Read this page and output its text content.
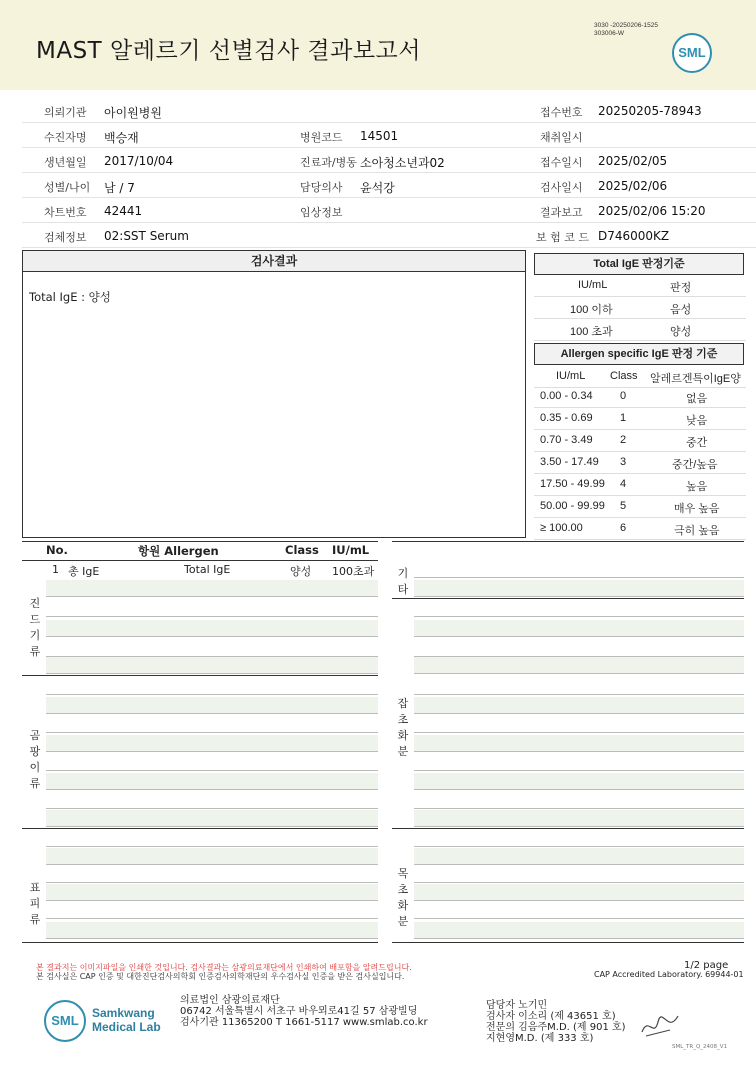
MAST 알레르기 선별검사 결과보고서
3030 -20250206-1525
303006-W
SML
의뢰기관 아이원병원	접수번호 20250205-78943
수진자명 백승재	병원코드 14501	채취일시
생년월일 2017/10/04	진료과/병동 소아청소년과02	접수일시 2025/02/05
성별/나이 남 / 7	담당의사 윤석강	검사일시 2025/02/06
차트번호 42441	임상정보	결과보고 2025/02/06 15:20
검체정보 02:SST Serum	보 험 코 드 D746000KZ
검사결과
Total IgE : 양성
Total IgE 판정기준
IU/mL	판정
100 이하	음성
100 초과	양성
Allergen specific IgE 판정 기준
IU/mL Class 알레르겐특이IgE양
0.00 - 0.34 0	없음
0.35 - 0.69 1	낮음
0.70 - 3.49 2	중간
3.50 - 17.49 3	중간/높음
17.50 - 49.99 4	높음
50.00 - 99.99 5	매우 높음
≥ 100.00	6	극히 높음
No.	항원 Allergen	Class IU/mL
1 총 IgE	Total IgE	양성 100초과
진드기류
곰팡이류
표피류
기타
잡초화분
목초화분
본 결과지는 이미지파일을 인쇄한 것입니다. 검사결과는 삼광의료재단에서 인쇄하여 배포함을 알려드립니다.
본 검사실은 CAP 인증 및 대한진단검사의학회 인증검사의학재단의 우수검사실 인증을 받은 검사실입니다.
1/2 page
CAP Accredited Laboratory. 69944-01
SML	Samkwang
Medical Lab
의료법인 삼광의료재단
06742 서울특별시 서초구 바우뫼로41길 57 삼광빌딩
검사기관 11365200 T 1661-5117 www.smlab.co.kr
담당자 노기민
검사자 이소리 (제 43651 호)
전문의 김음주M.D. (제 901 호)
지현영M.D. (제 333 호)
SML_TR_Q_2408_V1
